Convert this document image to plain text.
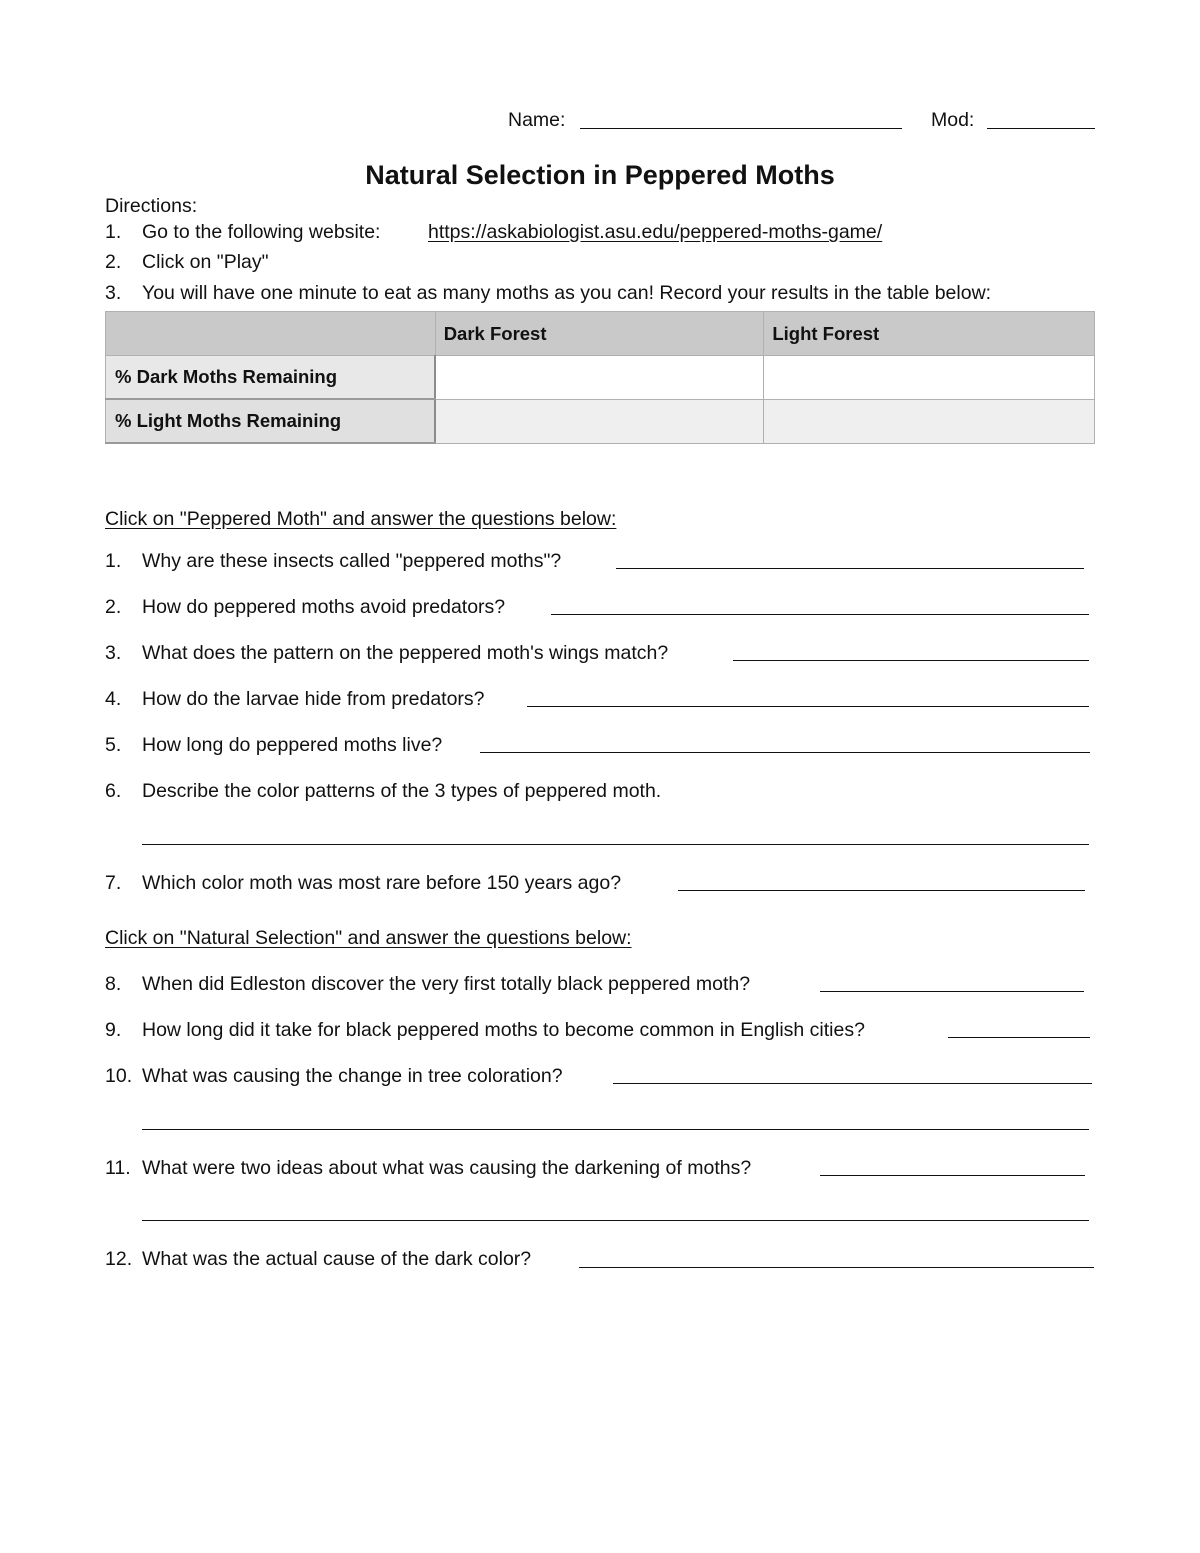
Name:	Mod:
Natural Selection in Peppered Moths
Directions:
1. Go to the following website: https://askabiologist.asu.edu/peppered-moths-game/
2. Click on "Play"
3. You will have one minute to eat as many moths as you can! Record your results in the table below:
	Dark Forest	Light Forest
% Dark Moths Remaining		
% Light Moths Remaining		
Click on "Peppered Moth" and answer the questions below:
1. Why are these insects called "peppered moths"?
2. How do peppered moths avoid predators?
3. What does the pattern on the peppered moth's wings match?
4. How do the larvae hide from predators?
5. How long do peppered moths live?
6. Describe the color patterns of the 3 types of peppered moth.
7. Which color moth was most rare before 150 years ago?
Click on "Natural Selection" and answer the questions below:
8. When did Edleston discover the very first totally black peppered moth?
9. How long did it take for black peppered moths to become common in English cities?
10. What was causing the change in tree coloration?
11. What were two ideas about what was causing the darkening of moths?
12. What was the actual cause of the dark color?
